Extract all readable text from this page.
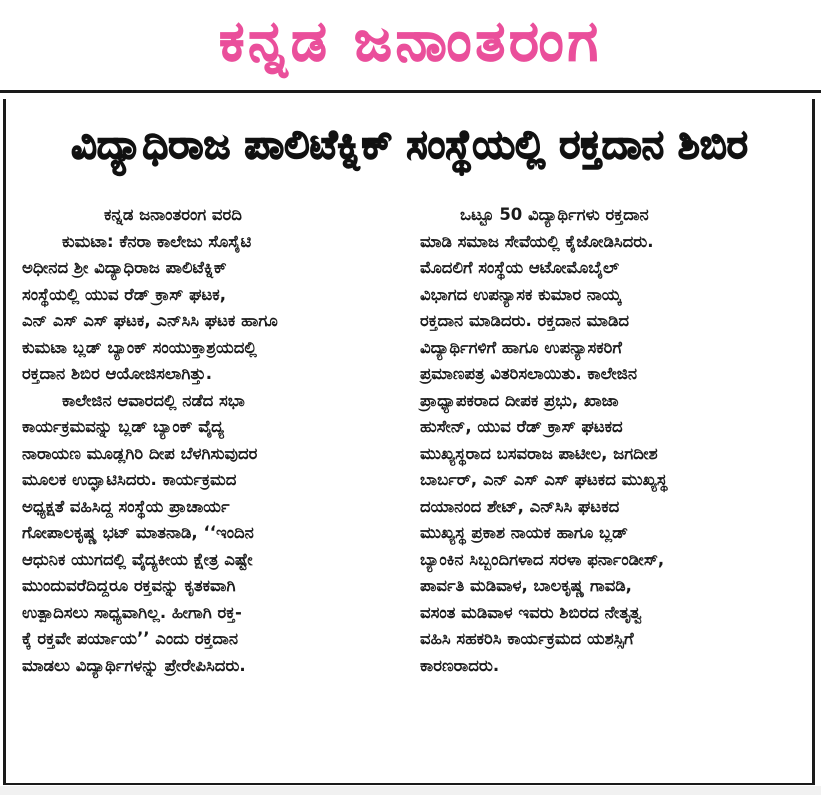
ಕನ್ನಡ ಜನಾಂತರಂಗ
ವಿದ್ಯಾಧಿರಾಜ ಪಾಲಿಟೆಕ್ನಿಕ್ ಸಂಸ್ಥೆಯಲ್ಲಿ ರಕ್ತದಾನ ಶಿಬಿರ
ಕನ್ನಡ ಜನಾಂತರಂಗ ವರದಿ
ಕುಮಟಾ: ಕೆನರಾ ಕಾಲೇಜು ಸೊಸೈಟಿ
ಅಧೀನದ ಶ್ರೀ ವಿದ್ಯಾಧಿರಾಜ ಪಾಲಿಟೆಕ್ನಿಕ್
ಸಂಸ್ಥೆಯಲ್ಲಿ ಯುವ ರೆಡ್ ಕ್ರಾಸ್ ಘಟಕ,
ಎನ್ ಎಸ್ ಎಸ್ ಘಟಕ, ಎನ್‌ಸಿಸಿ ಘಟಕ ಹಾಗೂ
ಕುಮಟಾ ಬ್ಲಡ್ ಬ್ಯಾಂಕ್ ಸಂಯುಕ್ತಾಶ್ರಯದಲ್ಲಿ
ರಕ್ತದಾನ ಶಿಬಿರ ಆಯೋಜಿಸಲಾಗಿತ್ತು.
ಕಾಲೇಜಿನ ಆವಾರದಲ್ಲಿ ನಡೆದ ಸಭಾ
ಕಾರ್ಯಕ್ರಮವನ್ನು ಬ್ಲಡ್ ಬ್ಯಾಂಕ್ ವೈದ್ಯ
ನಾರಾಯಣ ಮೂಡ್ಲಗಿರಿ ದೀಪ ಬೆಳಗಿಸುವುದರ
ಮೂಲಕ ಉದ್ಘಾಟಿಸಿದರು. ಕಾರ್ಯಕ್ರಮದ
ಅಧ್ಯಕ್ಷತೆ ವಹಿಸಿದ್ದ ಸಂಸ್ಥೆಯ ಪ್ರಾಚಾರ್ಯ
ಗೋಪಾಲಕೃಷ್ಣ ಭಟ್ ಮಾತನಾಡಿ, ‘‘ಇಂದಿನ
ಆಧುನಿಕ ಯುಗದಲ್ಲಿ ವೈದ್ಯಕೀಯ ಕ್ಷೇತ್ರ ಎಷ್ಟೇ
ಮುಂದುವರೆದಿದ್ದರೂ ರಕ್ತವನ್ನು ಕೃತಕವಾಗಿ
ಉತ್ಪಾದಿಸಲು ಸಾಧ್ಯವಾಗಿಲ್ಲ. ಹೀಗಾಗಿ ರಕ್ತ-
ಕ್ಕೆ ರಕ್ತವೇ ಪರ್ಯಾಯ’’ ಎಂದು ರಕ್ತದಾನ
ಮಾಡಲು ವಿದ್ಯಾರ್ಥಿಗಳನ್ನು ಪ್ರೇರೇಪಿಸಿದರು.
ಒಟ್ಟೂ 50 ವಿದ್ಯಾರ್ಥಿಗಳು ರಕ್ತದಾನ
ಮಾಡಿ ಸಮಾಜ ಸೇವೆಯಲ್ಲಿ ಕೈಜೋಡಿಸಿದರು.
ಮೊದಲಿಗೆ ಸಂಸ್ಥೆಯ ಆಟೋಮೊಬೈಲ್
ವಿಭಾಗದ ಉಪನ್ಯಾಸಕ ಕುಮಾರ ನಾಯ್ಕ
ರಕ್ತದಾನ ಮಾಡಿದರು. ರಕ್ತದಾನ ಮಾಡಿದ
ವಿದ್ಯಾರ್ಥಿಗಳಿಗೆ ಹಾಗೂ ಉಪನ್ಯಾಸಕರಿಗೆ
ಪ್ರಮಾಣಪತ್ರ ವಿತರಿಸಲಾಯಿತು. ಕಾಲೇಜಿನ
ಪ್ರಾಧ್ಯಾಪಕರಾದ ದೀಪಕ ಪ್ರಭು, ಖಾಜಾ
ಹುಸೇನ್, ಯುವ ರೆಡ್ ಕ್ರಾಸ್ ಘಟಕದ
ಮುಖ್ಯಸ್ಥರಾದ ಬಸವರಾಜ ಪಾಟೀಲ, ಜಗದೀಶ
ಬಾರ್ಬರ್, ಎನ್ ಎಸ್ ಎಸ್ ಘಟಕದ ಮುಖ್ಯಸ್ಥ
ದಯಾನಂದ ಶೇಟ್, ಎನ್‌ಸಿಸಿ ಘಟಕದ
ಮುಖ್ಯಸ್ಥ ಪ್ರಕಾಶ ನಾಯಕ ಹಾಗೂ ಬ್ಲಡ್
ಬ್ಯಾಂಕಿನ ಸಿಬ್ಬಂದಿಗಳಾದ ಸರಳಾ ಫರ್ನಾಂಡೀಸ್,
ಪಾರ್ವತಿ ಮಡಿವಾಳ, ಬಾಲಕೃಷ್ಣ ಗಾವಡಿ,
ವಸಂತ ಮಡಿವಾಳ ಇವರು ಶಿಬಿರದ ನೇತೃತ್ವ
ವಹಿಸಿ ಸಹಕರಿಸಿ ಕಾರ್ಯಕ್ರಮದ ಯಶಸ್ಸಿಗೆ
ಕಾರಣರಾದರು.
